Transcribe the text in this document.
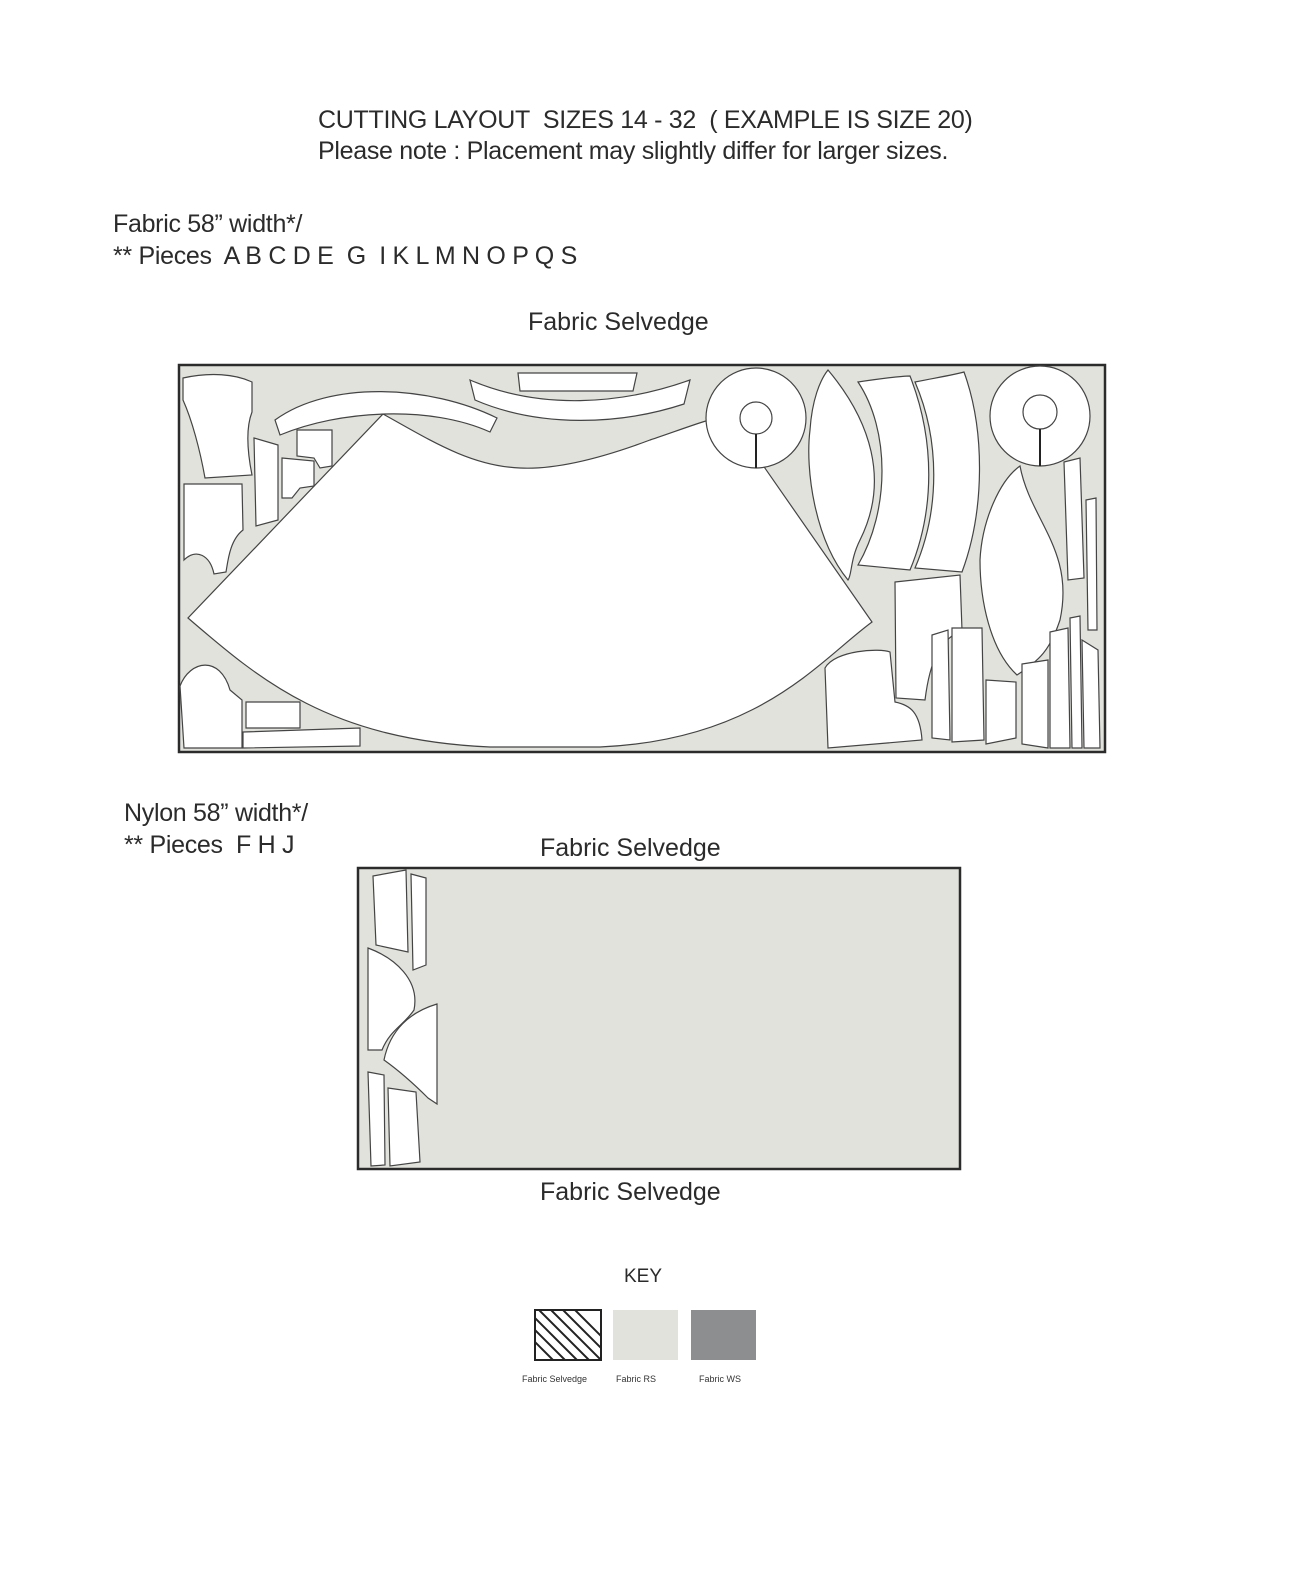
CUTTING LAYOUT  SIZES 14 - 32  ( EXAMPLE IS SIZE 20)
Please note : Placement may slightly differ for larger sizes.
Fabric 58” width*/
** Pieces  A B C D E  G  I K L M N O P Q S
Fabric Selvedge
Nylon 58” width*/
** Pieces  F H J	Fabric Selvedge
Fabric Selvedge
KEY
Fabric Selvedge	Fabric RS	Fabric WS
